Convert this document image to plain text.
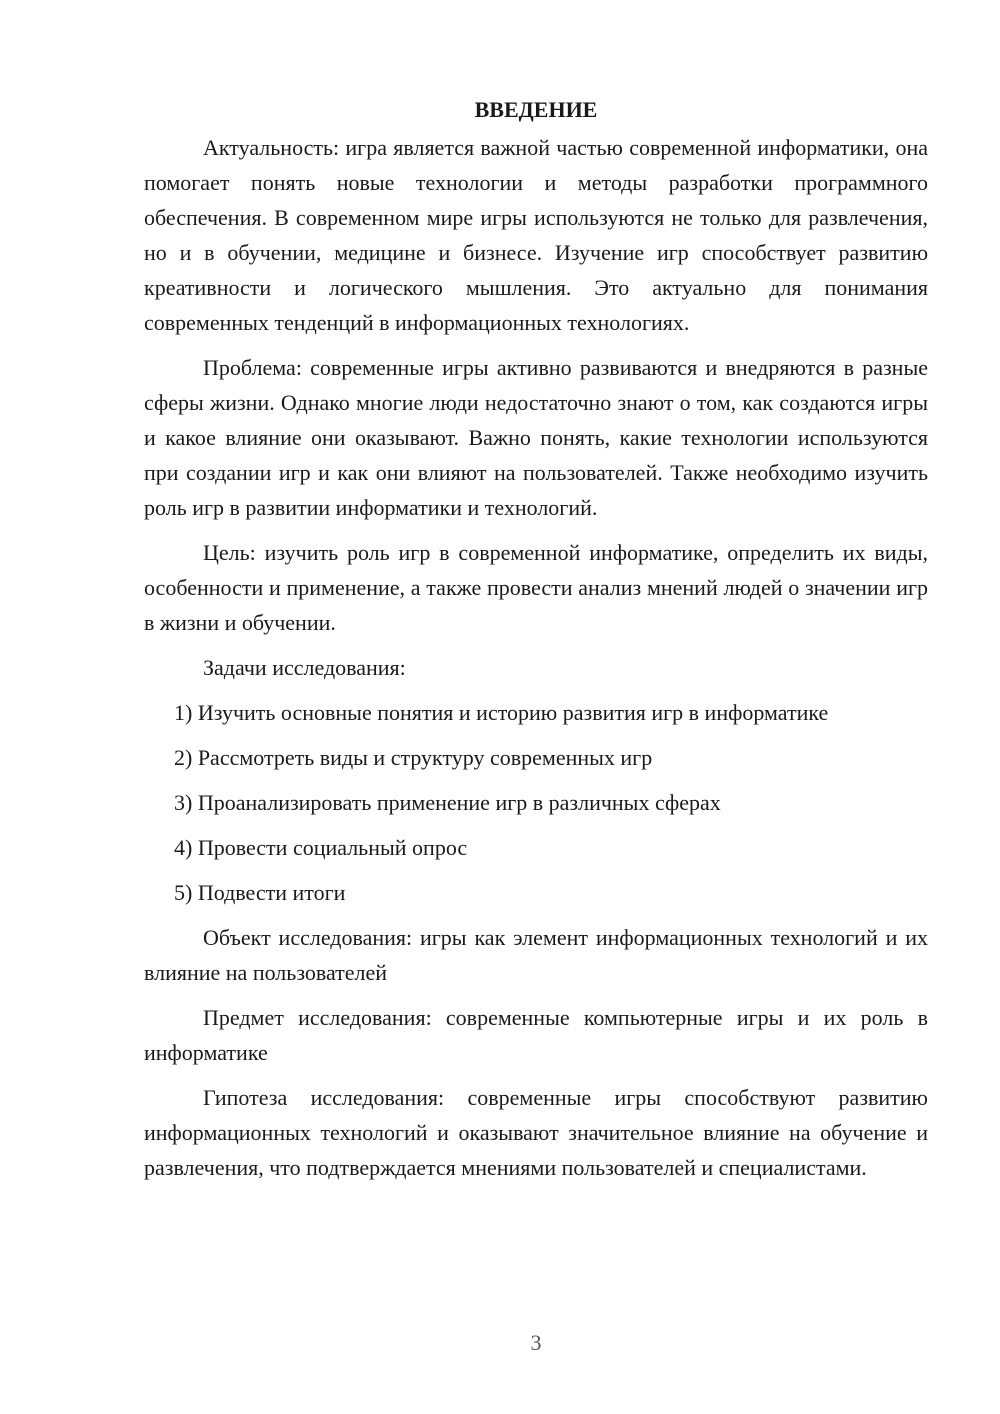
ВВЕДЕНИЕ

Актуальность: игра является важной частью современной информатики, она помогает понять новые технологии и методы разработки программного обеспечения. В современном мире игры используются не только для развлечения, но и в обучении, медицине и бизнесе. Изучение игр способствует развитию креативности и логического мышления. Это актуально для понимания современных тенденций в информационных технологиях.

Проблема: современные игры активно развиваются и внедряются в разные сферы жизни. Однако многие люди недостаточно знают о том, как создаются игры и какое влияние они оказывают. Важно понять, какие технологии используются при создании игр и как они влияют на пользователей. Также необходимо изучить роль игр в развитии информатики и технологий.

Цель: изучить роль игр в современной информатике, определить их виды, особенности и применение, а также провести анализ мнений людей о значении игр в жизни и обучении.

Задачи исследования:

1) Изучить основные понятия и историю развития игр в информатике
2) Рассмотреть виды и структуру современных игр
3) Проанализировать применение игр в различных сферах
4) Провести социальный опрос
5) Подвести итоги

Объект исследования: игры как элемент информационных технологий и их влияние на пользователей

Предмет исследования: современные компьютерные игры и их роль в информатике

Гипотеза исследования: современные игры способствуют развитию информационных технологий и оказывают значительное влияние на обучение и развлечения, что подтверждается мнениями пользователей и специалистами.

3
